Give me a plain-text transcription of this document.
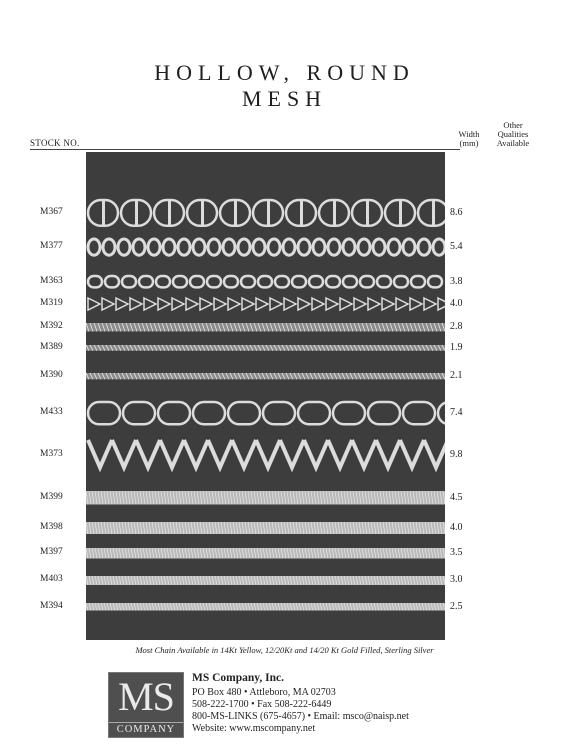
HOLLOW, ROUND
MESH
STOCK NO.
Width
(mm)
Other
Qualities
Available
M367	8.6
M377	5.4
M363	3.8
M319	4.0
M392	2.8
M389	1.9
M390	2.1
M433	7.4
M373	9.8
M399	4.5
M398	4.0
M397	3.5
M403	3.0
M394	2.5
Most Chain Available in 14Kt Yellow, 12/20Kt and 14/20 Kt Gold Filled, Sterling Silver
MS
COMPANY
MS Company, Inc.
PO Box 480 • Attleboro, MA 02703
508-222-1700 • Fax 508-222-6449
800-MS-LINKS (675-4657) • Email: msco@naisp.net
Website: www.mscompany.net
